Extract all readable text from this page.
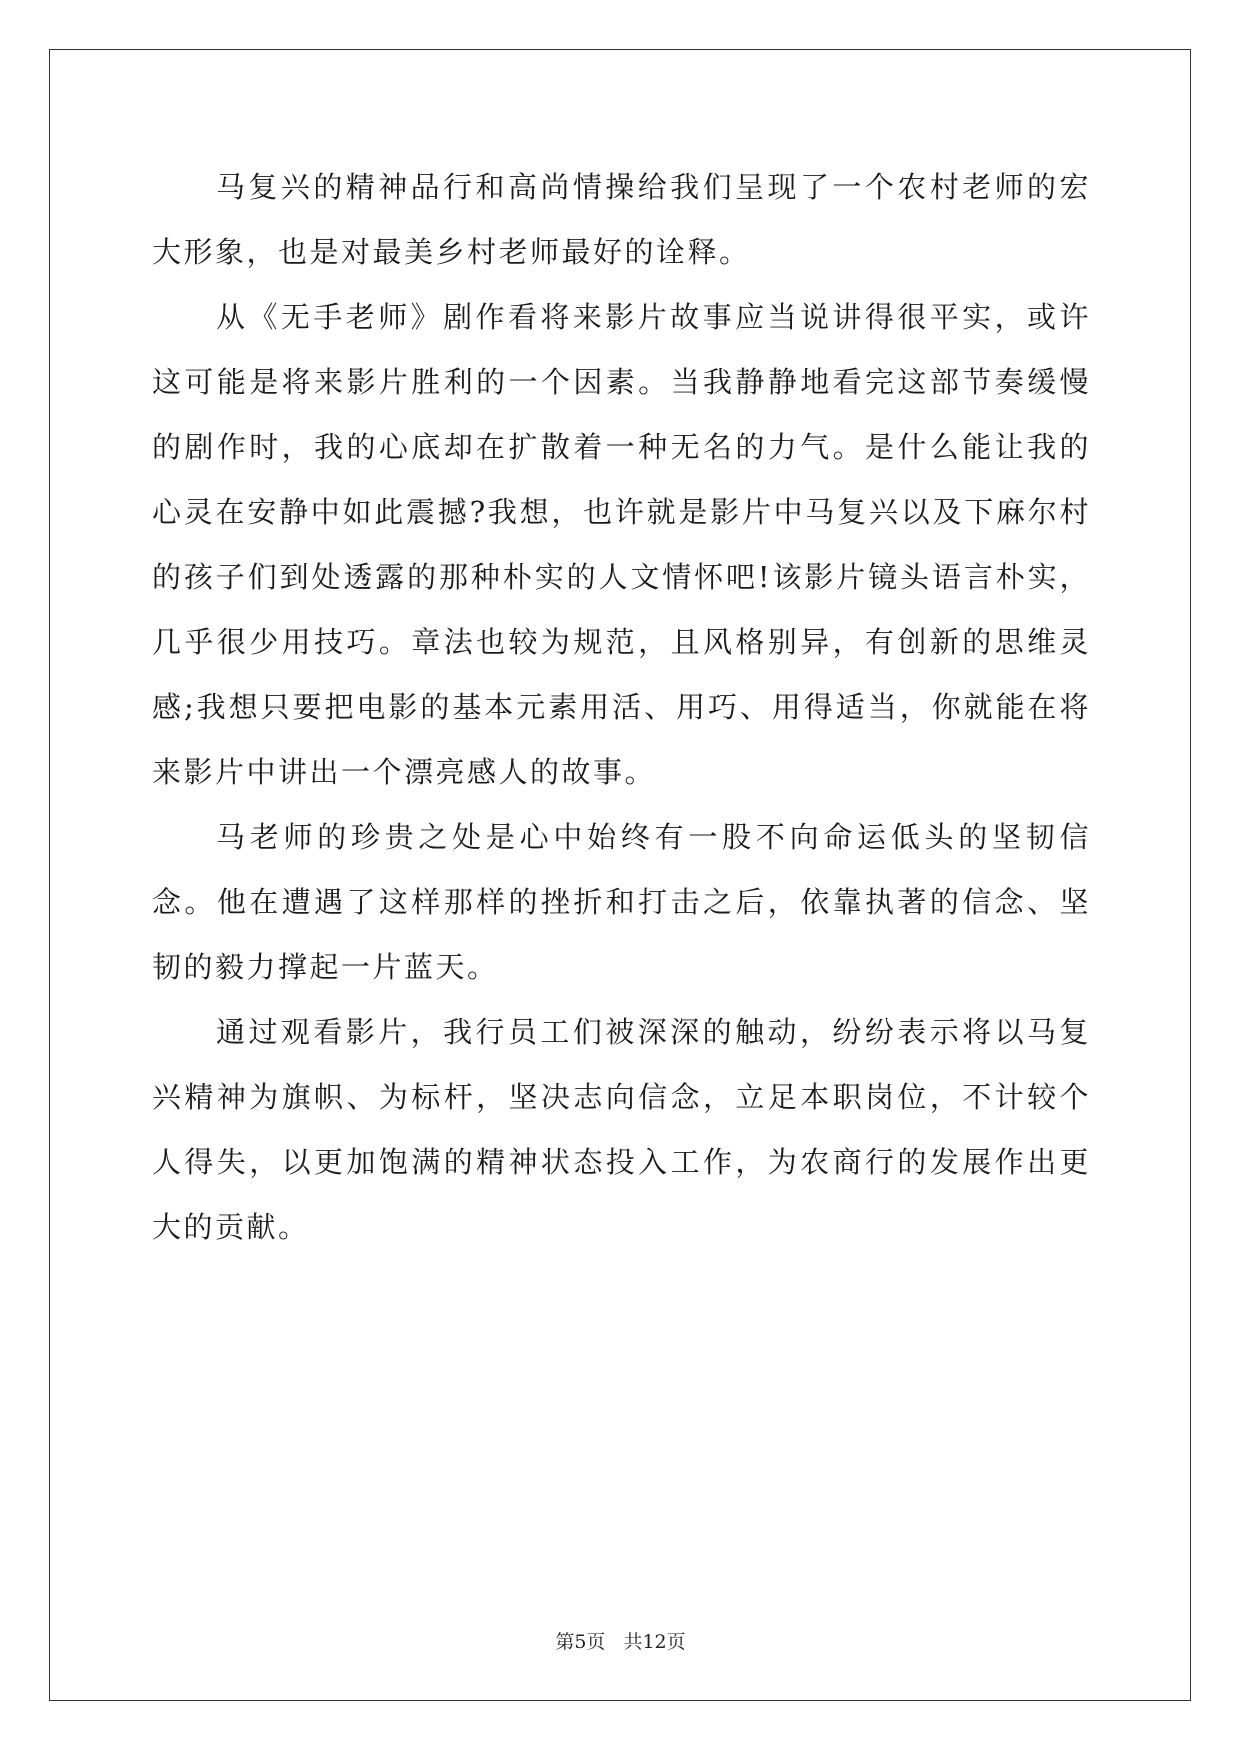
马复兴的精神品行和高尚情操给我们呈现了一个农村老师的宏大形象，也是对最美乡村老师最好的诠释。

从《无手老师》剧作看将来影片故事应当说讲得很平实，或许这可能是将来影片胜利的一个因素。当我静静地看完这部节奏缓慢的剧作时，我的心底却在扩散着一种无名的力气。是什么能让我的心灵在安静中如此震撼?我想，也许就是影片中马复兴以及下麻尔村的孩子们到处透露的那种朴实的人文情怀吧!该影片镜头语言朴实，几乎很少用技巧。章法也较为规范，且风格别异，有创新的思维灵感;我想只要把电影的基本元素用活、用巧、用得适当，你就能在将来影片中讲出一个漂亮感人的故事。

马老师的珍贵之处是心中始终有一股不向命运低头的坚韧信念。他在遭遇了这样那样的挫折和打击之后，依靠执著的信念、坚韧的毅力撑起一片蓝天。

通过观看影片，我行员工们被深深的触动，纷纷表示将以马复兴精神为旗帜、为标杆，坚决志向信念，立足本职岗位，不计较个人得失，以更加饱满的精神状态投入工作，为农商行的发展作出更大的贡献。

第5页 共12页
